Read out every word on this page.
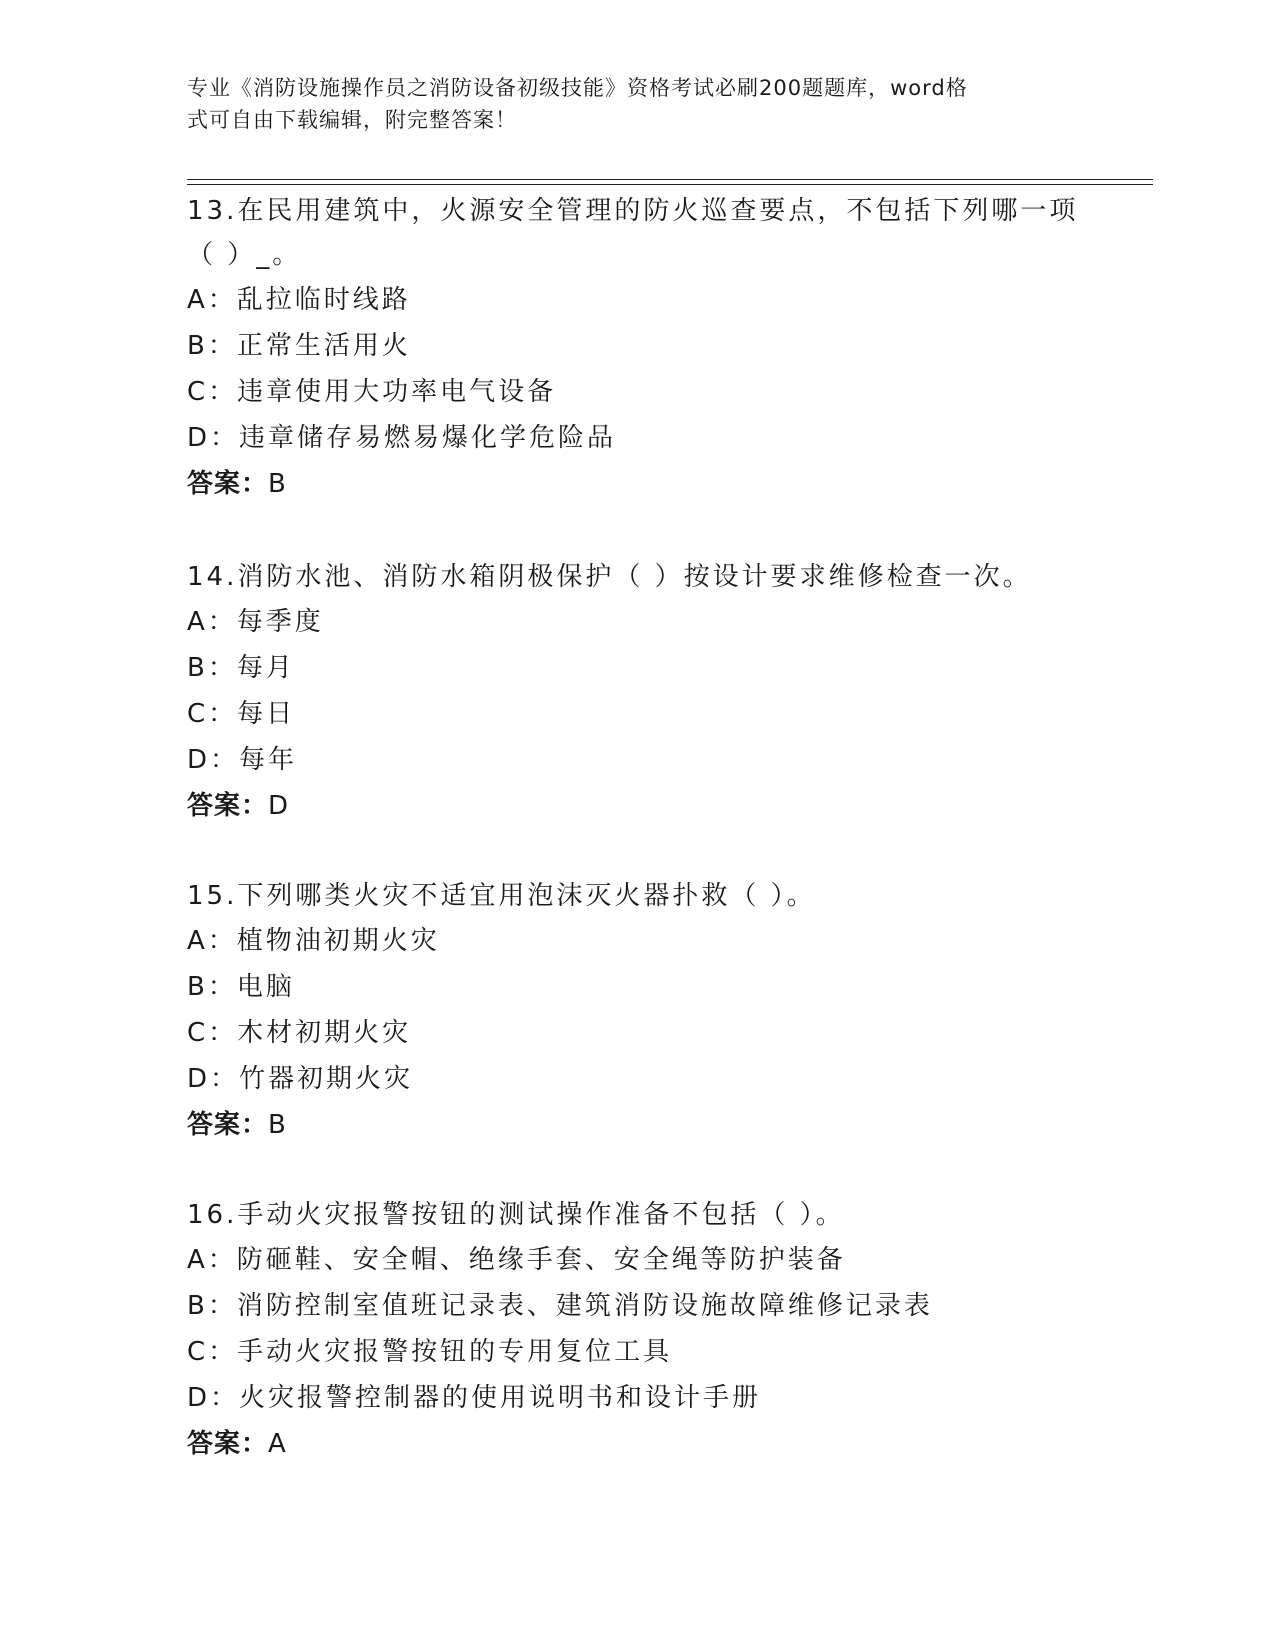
专业《消防设施操作员之消防设备初级技能》资格考试必刷200题题库，word格
式可自由下载编辑，附完整答案！

13.在民用建筑中，火源安全管理的防火巡查要点，不包括下列哪一项

（ ）_。

A：乱拉临时线路

B：正常生活用火

C：违章使用大功率电气设备

D：违章储存易燃易爆化学危险品

答案：B

14.消防水池、消防水箱阴极保护（ ）按设计要求维修检查一次。

A：每季度

B：每月

C：每日

D：每年

答案：D

15.下列哪类火灾不适宜用泡沫灭火器扑救（ ）。

A：植物油初期火灾

B：电脑

C：木材初期火灾

D：竹器初期火灾

答案：B

16.手动火灾报警按钮的测试操作准备不包括（ ）。

A：防砸鞋、安全帽、绝缘手套、安全绳等防护装备

B：消防控制室值班记录表、建筑消防设施故障维修记录表

C：手动火灾报警按钮的专用复位工具

D：火灾报警控制器的使用说明书和设计手册

答案：A
